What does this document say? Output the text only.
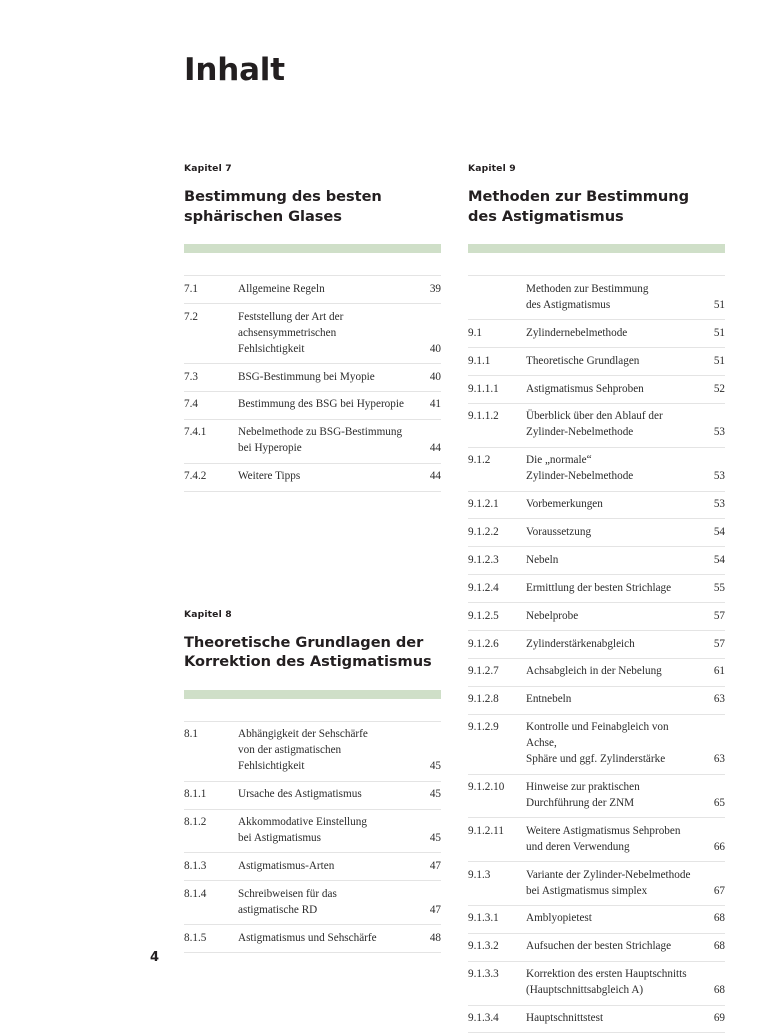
Inhalt
Kapitel 7
Bestimmung des besten
sphärischen Glases
7.1	Allgemeine Regeln	39
7.2	Feststellung der Art der
achsensymmetrischen
Fehlsichtigkeit	40
7.3	BSG-Bestimmung bei Myopie	40
7.4	Bestimmung des BSG bei Hyperopie	41
7.4.1	Nebelmethode zu BSG-Bestimmung
bei Hyperopie	44
7.4.2	Weitere Tipps	44
Kapitel 8
Theoretische Grundlagen der
Korrektion des Astigmatismus
8.1	Abhängigkeit der Sehschärfe
von der astigmatischen
Fehlsichtigkeit	45
8.1.1	Ursache des Astigmatismus	45
8.1.2	Akkommodative Einstellung
bei Astigmatismus	45
8.1.3	Astigmatismus-Arten	47
8.1.4	Schreibweisen für das
astigmatische RD	47
8.1.5	Astigmatismus und Sehschärfe	48
Kapitel 9
Methoden zur Bestimmung
des Astigmatismus
	Methoden zur Bestimmung
des Astigmatismus	51
9.1	Zylindernebelmethode	51
9.1.1	Theoretische Grundlagen	51
9.1.1.1	Astigmatismus Sehproben	52
9.1.1.2	Überblick über den Ablauf der
Zylinder-Nebelmethode	53
9.1.2	Die „normale“
Zylinder-Nebelmethode	53
9.1.2.1	Vorbemerkungen	53
9.1.2.2	Voraussetzung	54
9.1.2.3	Nebeln	54
9.1.2.4	Ermittlung der besten Strichlage	55
9.1.2.5	Nebelprobe	57
9.1.2.6	Zylinderstärkenabgleich	57
9.1.2.7	Achsabgleich in der Nebelung	61
9.1.2.8	Entnebeln	63
9.1.2.9	Kontrolle und Feinabgleich von Achse,
Sphäre und ggf. Zylinderstärke	63
9.1.2.10	Hinweise zur praktischen
Durchführung der ZNM	65
9.1.2.11	Weitere Astigmatismus Sehproben
und deren Verwendung	66
9.1.3	Variante der Zylinder-Nebelmethode
bei Astigmatismus simplex	67
9.1.3.1	Amblyopietest	68
9.1.3.2	Aufsuchen der besten Strichlage	68
9.1.3.3	Korrektion des ersten Hauptschnitts
(Hauptschnittsabgleich A)	68
9.1.3.4	Hauptschnittstest	69
4
